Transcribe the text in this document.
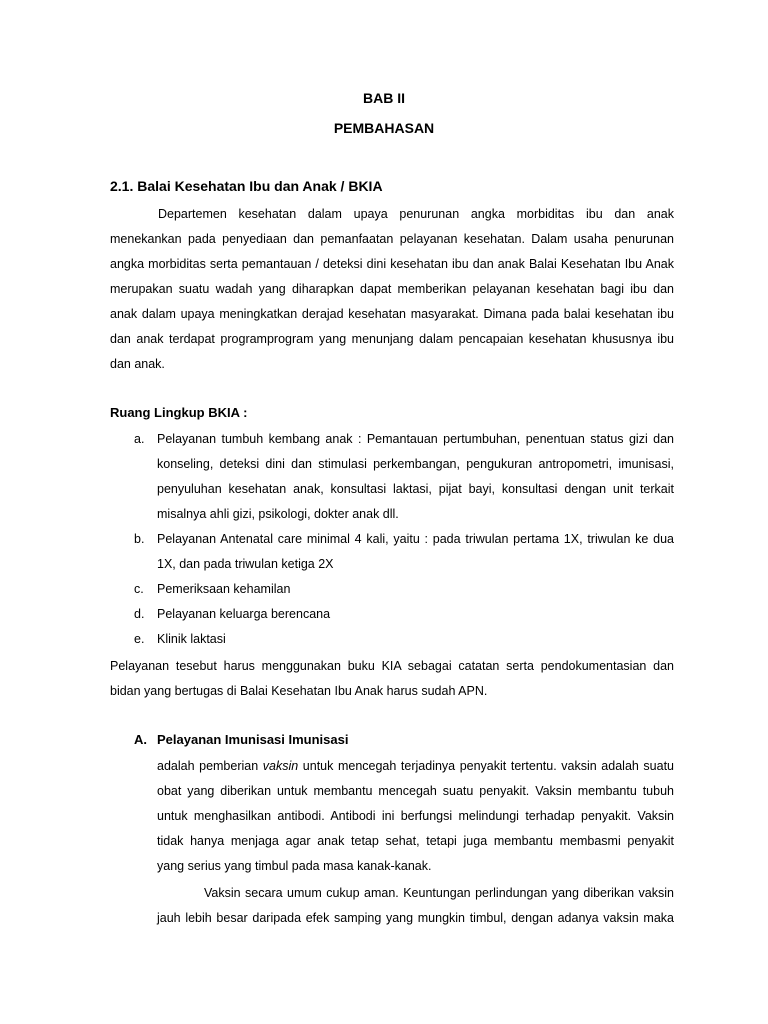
BAB II
PEMBAHASAN
2.1. Balai Kesehatan Ibu dan Anak / BKIA
Departemen kesehatan dalam upaya penurunan angka morbiditas ibu dan anak
menekankan pada penyediaan dan pemanfaatan pelayanan kesehatan. Dalam usaha penurunan
angka morbiditas serta pemantauan / deteksi dini kesehatan ibu dan anak Balai Kesehatan Ibu Anak
merupakan suatu wadah yang diharapkan dapat memberikan pelayanan kesehatan bagi ibu dan
anak dalam upaya meningkatkan derajad kesehatan masyarakat. Dimana pada balai kesehatan ibu
dan anak terdapat programprogram yang menunjang dalam pencapaian kesehatan khususnya ibu
dan anak.
Ruang Lingkup BKIA :
a. Pelayanan tumbuh kembang anak : Pemantauan pertumbuhan, penentuan status gizi dan
konseling, deteksi dini dan stimulasi perkembangan, pengukuran antropometri, imunisasi,
penyuluhan kesehatan anak, konsultasi laktasi, pijat bayi, konsultasi dengan unit terkait
misalnya ahli gizi, psikologi, dokter anak dll.
b. Pelayanan Antenatal care minimal 4 kali, yaitu : pada triwulan pertama 1X, triwulan ke dua
1X, dan pada triwulan ketiga 2X
c. Pemeriksaan kehamilan
d. Pelayanan keluarga berencana
e. Klinik laktasi
Pelayanan tesebut harus menggunakan buku KIA sebagai catatan serta pendokumentasian dan
bidan yang bertugas di Balai Kesehatan Ibu Anak harus sudah APN.
A. Pelayanan Imunisasi Imunisasi
adalah pemberian vaksin untuk mencegah terjadinya penyakit tertentu. vaksin adalah suatu
obat yang diberikan untuk membantu mencegah suatu penyakit. Vaksin membantu tubuh
untuk menghasilkan antibodi. Antibodi ini berfungsi melindungi terhadap penyakit. Vaksin
tidak hanya menjaga agar anak tetap sehat, tetapi juga membantu membasmi penyakit
yang serius yang timbul pada masa kanak-kanak.
Vaksin secara umum cukup aman. Keuntungan perlindungan yang diberikan vaksin
jauh lebih besar daripada efek samping yang mungkin timbul, dengan adanya vaksin maka
